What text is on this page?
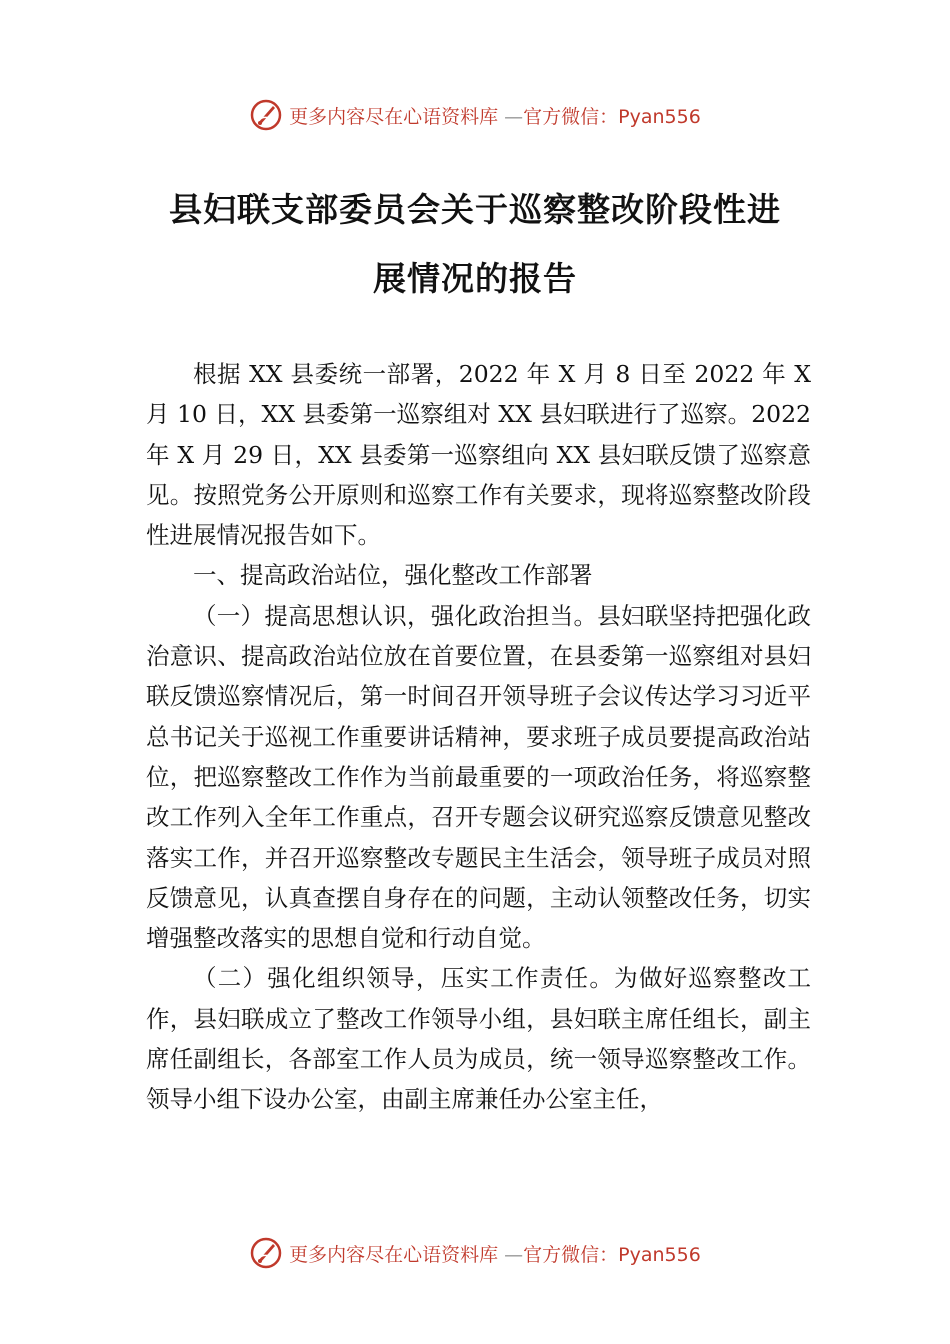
更多内容尽在心语资料库 —官方微信：Pyan556
县妇联支部委员会关于巡察整改阶段性进
展情况的报告

根据 XX 县委统一部署，2022 年 X 月 8 日至 2022 年 X 月 10 日，XX 县委第一巡察组对 XX 县妇联进行了巡察。2022 年 X 月 29 日，XX 县委第一巡察组向 XX 县妇联反馈了巡察意见。按照党务公开原则和巡察工作有关要求，现将巡察整改阶段性进展情况报告如下。

一、提高政治站位，强化整改工作部署

（一）提高思想认识，强化政治担当。县妇联坚持把强化政治意识、提高政治站位放在首要位置，在县委第一巡察组对县妇联反馈巡察情况后，第一时间召开领导班子会议传达学习习近平总书记关于巡视工作重要讲话精神，要求班子成员要提高政治站位，把巡察整改工作作为当前最重要的一项政治任务，将巡察整改工作列入全年工作重点，召开专题会议研究巡察反馈意见整改落实工作，并召开巡察整改专题民主生活会，领导班子成员对照反馈意见，认真查摆自身存在的问题，主动认领整改任务，切实增强整改落实的思想自觉和行动自觉。

（二）强化组织领导，压实工作责任。为做好巡察整改工作，县妇联成立了整改工作领导小组，县妇联主席任组长，副主席任副组长，各部室工作人员为成员，统一领导巡察整改工作。领导小组下设办公室，由副主席兼任办公室主任，

更多内容尽在心语资料库 —官方微信：Pyan556
